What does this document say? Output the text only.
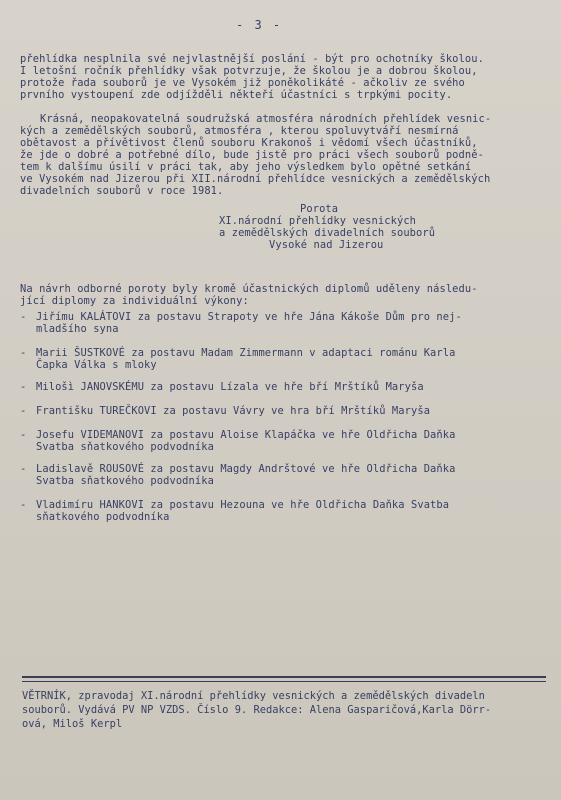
- 3 -
přehlídka nesplnila své nejvlastnější poslání - být pro ochotníky školou.
I letošní ročník přehlídky však potvrzuje, že školou je a dobrou školou,
protože řada souborů je ve Vysokém již poněkolikáté - ačkoliv ze svého
prvního vystoupení zde odjížděli někteří účastníci s trpkými pocity.
Krásná, neopakovatelná soudružská atmosféra národních přehlídek vesnic-
kých a zemědělských souborů, atmosféra , kterou spoluvytváří nesmírná
obětavost a přívětivost členů souboru Krakonoš i vědomí všech účastníků,
že jde o dobré a potřebné dílo, bude jistě pro práci všech souborů podně-
tem k dalšímu úsilí v práci tak, aby jeho výsledkem bylo opětné setkání
ve Vysokém nad Jizerou při XII.národní přehlídce vesnických a zemědělských
divadelních souborů v roce 1981.
Porota
XI.národní přehlídky vesnických
a zemědělských divadelních souborů
Vysoké nad Jizerou
Na návrh odborné poroty byly kromě účastnických diplomů uděleny následu-
jící diplomy za individuální výkony:
- Jiřímu KALÁTOVI za postavu Strapoty ve hře Jána Kákoše Dům pro nej-
mladšího syna
- Marii ŠUSTKOVÉ za postavu Madam Zimmermann v adaptaci románu Karla
Čapka Válka s mloky
- Milošì JANOVSKÉMU za postavu Lízala ve hře bří Mrštíků Maryša
- Františku TUREČKOVI za postavu Vávry ve hra bří Mrštíků Maryša
- Josefu VIDEMANOVI za postavu Aloise Klapáčka ve hře Oldřicha Daňka
Svatba sňatkového podvodníka
- Ladislavě ROUSOVÉ za postavu Magdy Andrštové ve hře Oldřicha Daňka
Svatba sňatkového podvodníka
- Vladimíru HANKOVI za postavu Hezouna ve hře Oldřicha Daňka Svatba
sňatkového podvodníka
VĚTRNÍK, zpravodaj XI.národní přehlídky vesnických a zemědělských divadeln
souborů. Vydává PV NP VZDS. Číslo 9. Redakce: Alena Gasparičová,Karla Dörr-
ová, Miloš Kerpl
